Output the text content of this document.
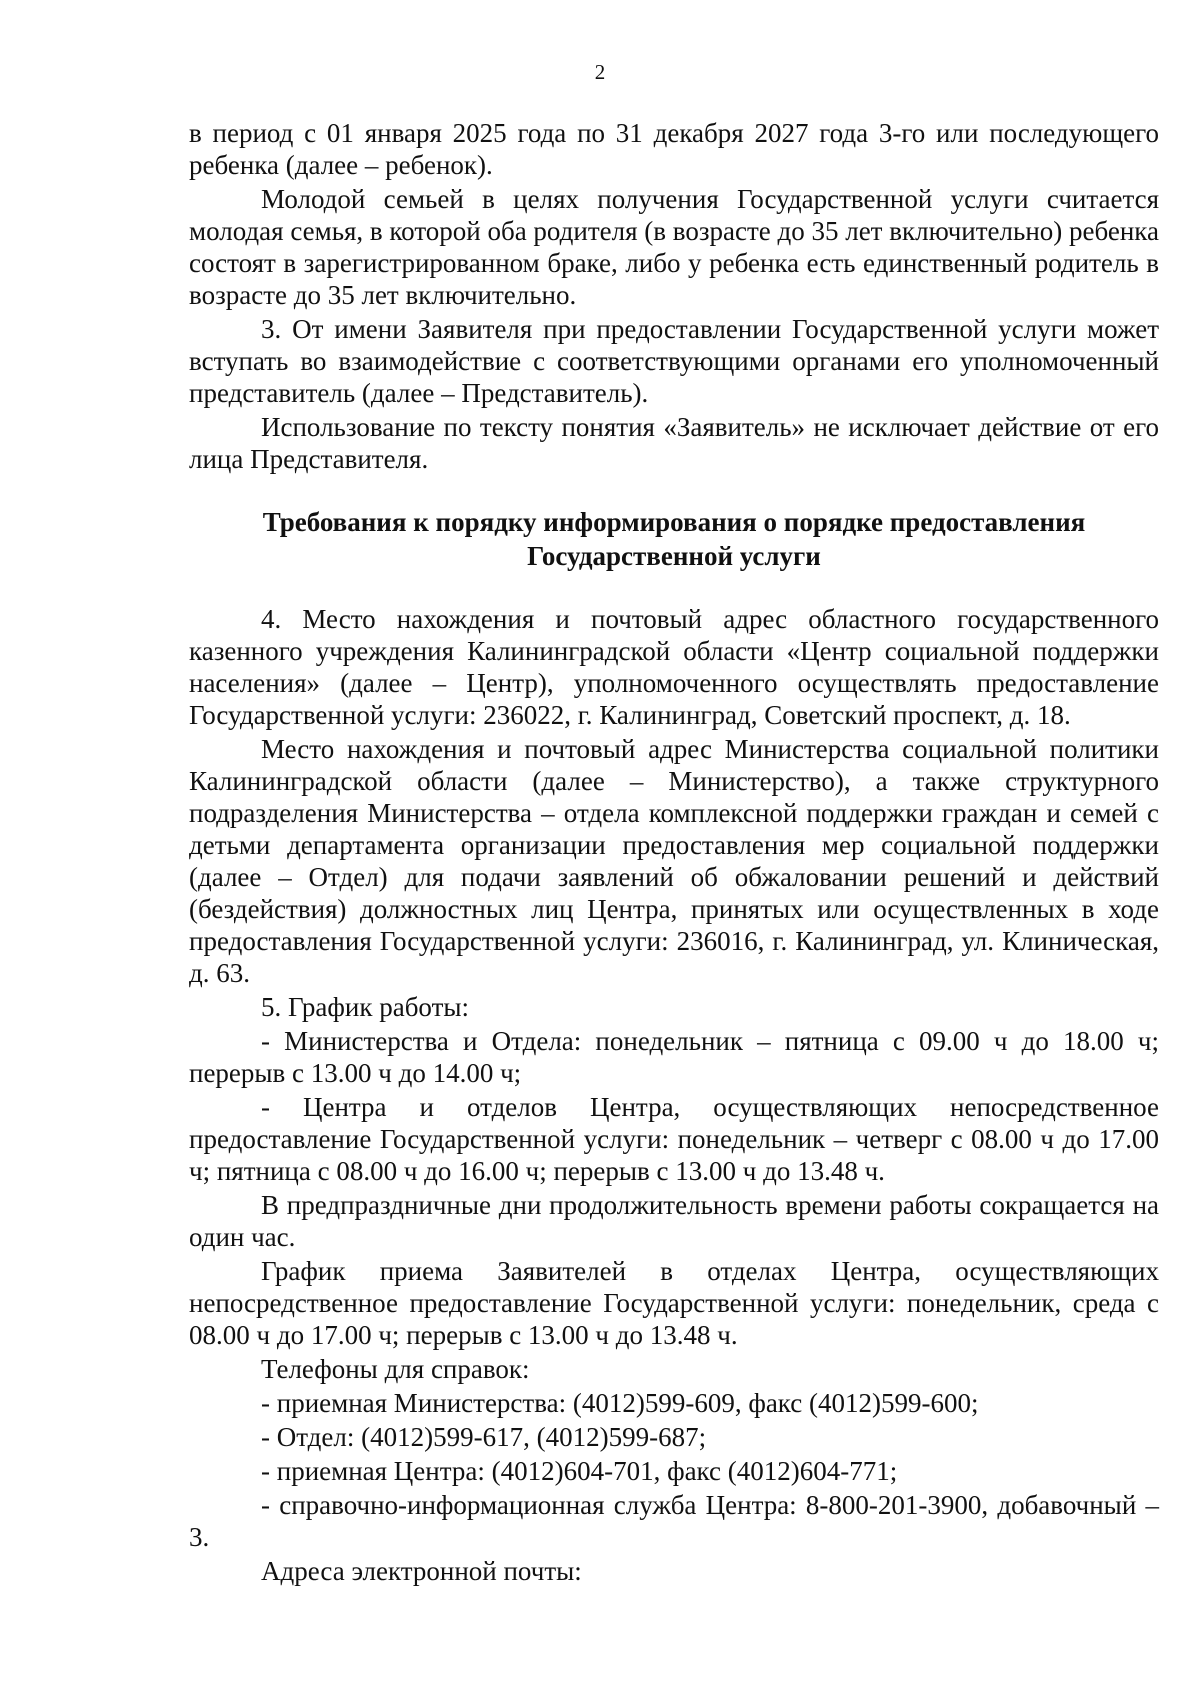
2

в период с 01 января 2025 года по 31 декабря 2027 года 3-го или последующего ребенка (далее – ребенок).

Молодой семьей в целях получения Государственной услуги считается молодая семья, в которой оба родителя (в возрасте до 35 лет включительно) ребенка состоят в зарегистрированном браке, либо у ребенка есть единственный родитель в возрасте до 35 лет включительно.

3. От имени Заявителя при предоставлении Государственной услуги может вступать во взаимодействие с соответствующими органами его уполномоченный представитель (далее – Представитель).

Использование по тексту понятия «Заявитель» не исключает действие от его лица Представителя.

Требования к порядку информирования о порядке предоставления
Государственной услуги

4. Место нахождения и почтовый адрес областного государственного казенного учреждения Калининградской области «Центр социальной поддержки населения» (далее – Центр), уполномоченного осуществлять предоставление Государственной услуги: 236022, г. Калининград, Советский проспект, д. 18.

Место нахождения и почтовый адрес Министерства социальной политики Калининградской области (далее – Министерство), а также структурного подразделения Министерства – отдела комплексной поддержки граждан и семей с детьми департамента организации предоставления мер социальной поддержки (далее – Отдел) для подачи заявлений об обжаловании решений и действий (бездействия) должностных лиц Центра, принятых или осуществленных в ходе предоставления Государственной услуги: 236016, г. Калининград, ул. Клиническая, д. 63.

5. График работы:

- Министерства и Отдела: понедельник – пятница с 09.00 ч до 18.00 ч; перерыв с 13.00 ч до 14.00 ч;

- Центра и отделов Центра, осуществляющих непосредственное предоставление Государственной услуги: понедельник – четверг с 08.00 ч до 17.00 ч; пятница с 08.00 ч до 16.00 ч; перерыв с 13.00 ч до 13.48 ч.

В предпраздничные дни продолжительность времени работы сокращается на один час.

График приема Заявителей в отделах Центра, осуществляющих непосредственное предоставление Государственной услуги: понедельник, среда с 08.00 ч до 17.00 ч; перерыв с 13.00 ч до 13.48 ч.

Телефоны для справок:

- приемная Министерства: (4012)599-609, факс (4012)599-600;

- Отдел: (4012)599-617, (4012)599-687;

- приемная Центра: (4012)604-701, факс (4012)604-771;

- справочно-информационная служба Центра: 8-800-201-3900, добавочный – 3.

Адреса электронной почты:
